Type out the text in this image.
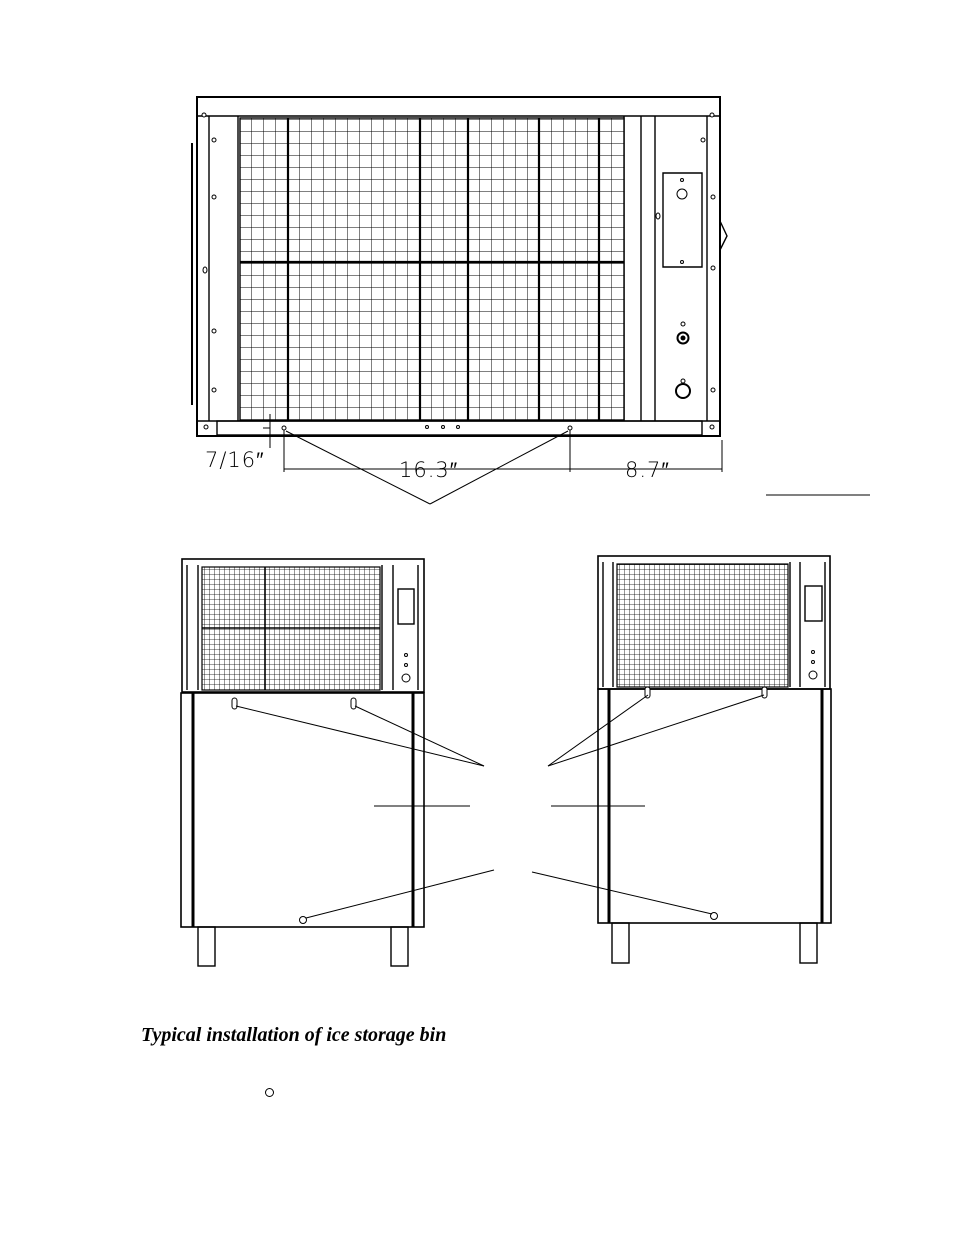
7/16″	16.3″	8.7″

Typical installation of ice storage bin
